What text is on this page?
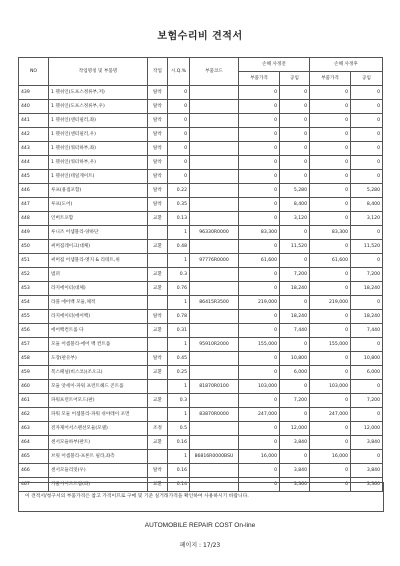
보험수리비 견적서
NO	작업명칭 및 부품명	작업	시.Q.%	부품코드	손해 사정전		손해 사정후	
					부품가격	공임	부품가격	공임
439	1 웻쉬인(도프스정류부,저)	탈착	0		0	0	0	0
440	1 웻쉬인(도프스정류부,우)	탈착	0		0	0	0	0
441	1 웻쉬인(센터필러,좌)	탈착	0		0	0	0	0
442	1 웻쉬인(센터필러,우)	탈착	0		0	0	0	0
443	1 웻쉬인(쿼터하부,좌)	탈착	0		0	0	0	0
444	1 웻쉬인(쿼터하부,우)	탈착	0		0	0	0	0
445	1 웻쉬인(테일게이트)	탈착	0		0	0	0	0
446	루프(용접포함)	탈착	0.22		0	5,280	0	5,280
447	루프(도어)	탈착	0.35		0	8,400	0	8,400
448	인버트포함	교환	0.13		0	3,120	0	3,120
449	루니즈 어셈블리-양하단		1	96330R0000	83,300	0	83,300	0
450	써머집레이크(대체)	교환	0.48		0	11,520	0	11,520
451	써머집 어셈블리-엣지 & 리테트,위		1	97776R0000	61,600	0	61,600	0
452	범퍼	교환	0.3		0	7,200	0	7,200
453	라지에이터(대체)	교환	0.76		0	18,240	0	18,240
454	라플 에어백 모듈,채적		1	86415R3500	219,000	0	219,000	0
455	라지에이터(에어백)	탈착	0.78		0	18,240	0	18,240
456	에어백컨트롤 다	교환	0.31		0	7,440	0	7,440
457	모듈 어셈블리-에어 백 컨트롤		1	95910R2000	155,000	0	155,000	0
458	도장(판유부)	탈착	0.45		0	10,800	0	10,800
459	복스패널(비스코)(조오크)	교환	0.25		0	6,000	0	6,000
460	모듈 앗세이-파워 프런트헤드 콘트롤		1	81870R0100	103,000	0	103,000	0
461	파워프런트어모드(판)	교환	0.3		0	7,200	0	7,200
462	파워 모듈 어셈블리-파워 쉬야레이 포면		1	83870R0000	247,000	0	247,000	0
463	전자제어서스펜션모듈(모델)	조정	0.5		0	12,000	0	12,000
464	센서모듈하부(판트)	교환	0.16		0	3,840	0	3,840
465	브릿 어셈블리-프론트 필라,좌측		1	86816R0000BSU	16,000	0	16,000	0
466	센서모듈리밋(우)	탈착	0.16		0	3,840	0	3,840
467	카울사이드트림(좌)	교환	0.14		0	3,360	0	3,360
이 견적서/청구서의 부품가격은 참고 가격이므로 구매 및 기준 실거래가격을 확인하여 사용하시기 바랍니다.
AUTOMOBILE REPAIR COST On-line
페이지 : 17/23
